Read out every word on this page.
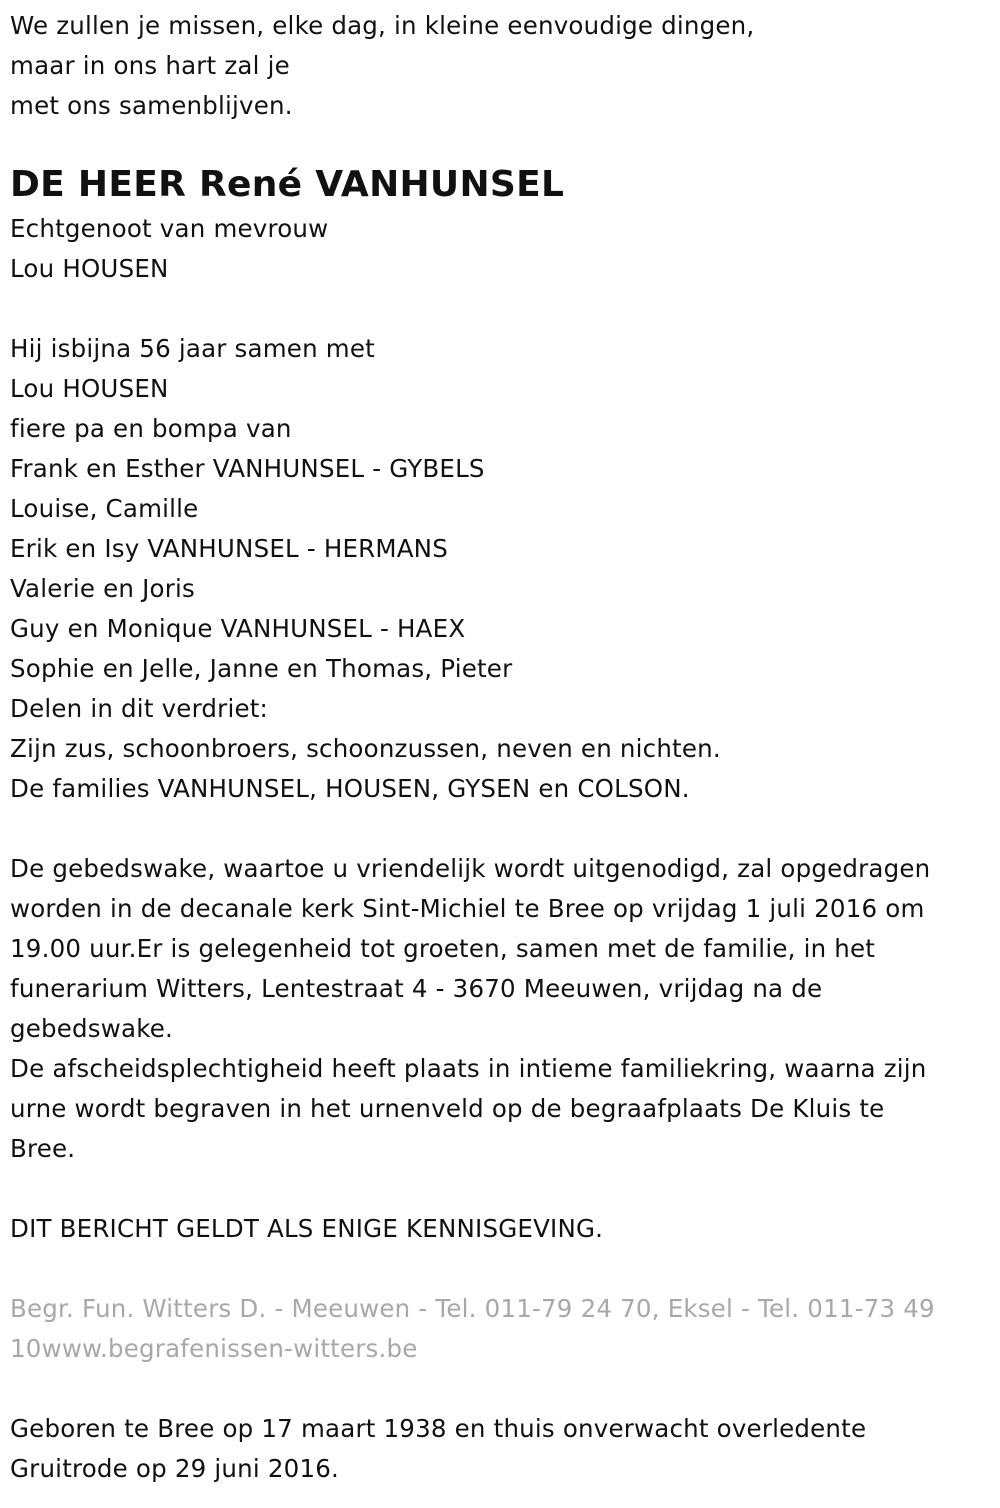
We zullen je missen, elke dag, in kleine eenvoudige dingen,
maar in ons hart zal je
met ons samenblijven.
DE HEER René VANHUNSEL
Echtgenoot van mevrouw
Lou HOUSEN
Hij isbijna 56 jaar samen met
Lou HOUSEN
fiere pa en bompa van
Frank en Esther VANHUNSEL - GYBELS
Louise, Camille
Erik en Isy VANHUNSEL - HERMANS
Valerie en Joris
Guy en Monique VANHUNSEL - HAEX
Sophie en Jelle, Janne en Thomas, Pieter
Delen in dit verdriet:
Zijn zus, schoonbroers, schoonzussen, neven en nichten.
De families VANHUNSEL, HOUSEN, GYSEN en COLSON.
De gebedswake, waartoe u vriendelijk wordt uitgenodigd, zal opgedragen
worden in de decanale kerk Sint-Michiel te Bree op vrijdag 1 juli 2016 om
19.00 uur.Er is gelegenheid tot groeten, samen met de familie, in het
funerarium Witters, Lentestraat 4 - 3670 Meeuwen, vrijdag na de
gebedswake.
De afscheidsplechtigheid heeft plaats in intieme familiekring, waarna zijn
urne wordt begraven in het urnenveld op de begraafplaats De Kluis te
Bree.
DIT BERICHT GELDT ALS ENIGE KENNISGEVING.
Begr. Fun. Witters D. - Meeuwen - Tel. 011-79 24 70, Eksel - Tel. 011-73 49
10www.begrafenissen-witters.be
Geboren te Bree op 17 maart 1938 en thuis onverwacht overledente
Gruitrode op 29 juni 2016.
